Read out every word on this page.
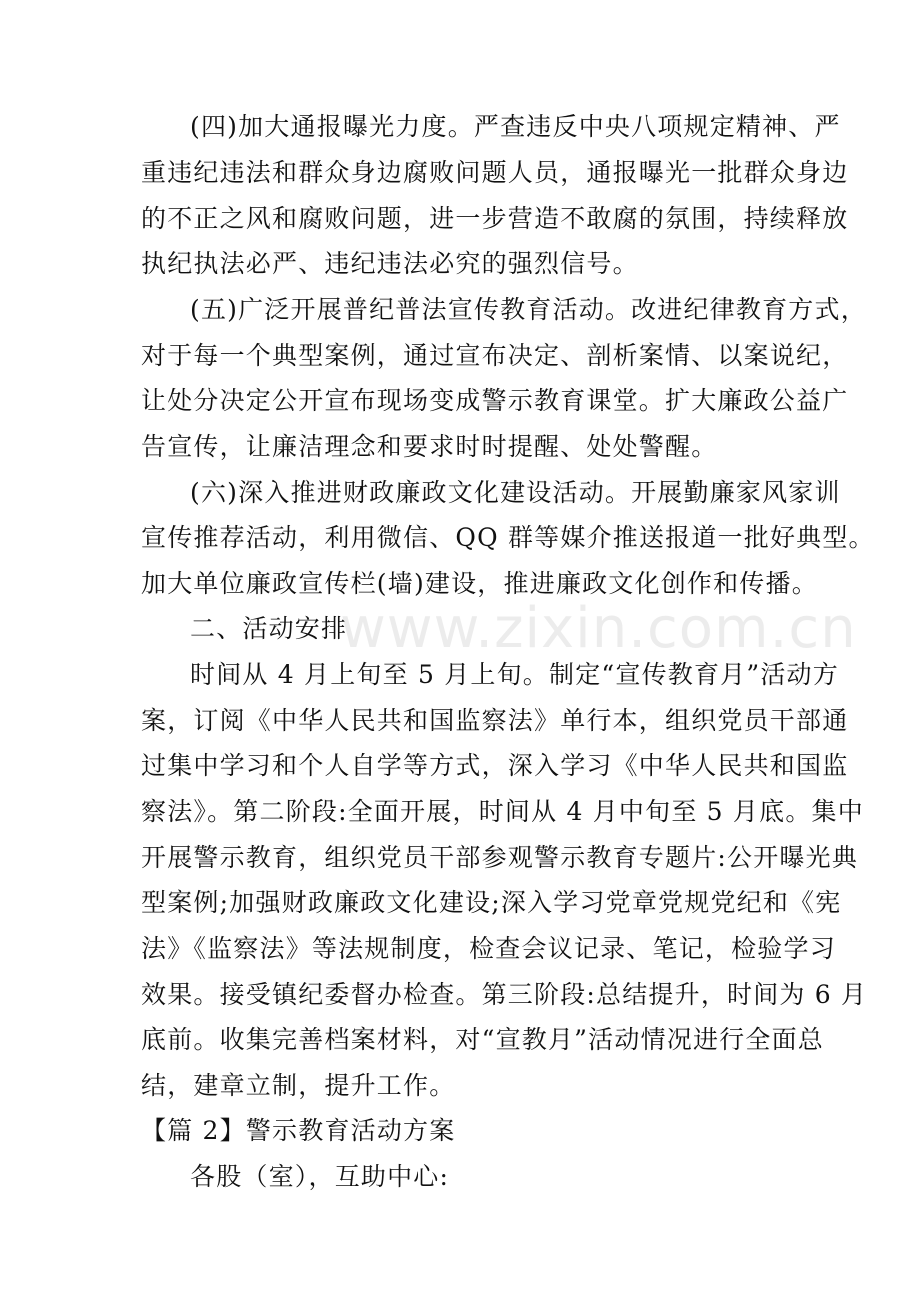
(四)加大通报曝光力度。严查违反中央八项规定精神、严
重违纪违法和群众身边腐败问题人员，通报曝光一批群众身边
的不正之风和腐败问题，进一步营造不敢腐的氛围，持续释放
执纪执法必严、违纪违法必究的强烈信号。
(五)广泛开展普纪普法宣传教育活动。改进纪律教育方式，
对于每一个典型案例，通过宣布决定、剖析案情、以案说纪，
让处分决定公开宣布现场变成警示教育课堂。扩大廉政公益广
告宣传，让廉洁理念和要求时时提醒、处处警醒。
(六)深入推进财政廉政文化建设活动。开展勤廉家风家训
宣传推荐活动，利用微信、QQ 群等媒介推送报道一批好典型。
加大单位廉政宣传栏(墙)建设，推进廉政文化创作和传播。
二、活动安排
时间从 4 月上旬至 5 月上旬。制定“宣传教育月”活动方
案，订阅《中华人民共和国监察法》单行本，组织党员干部通
过集中学习和个人自学等方式，深入学习《中华人民共和国监
察法》。第二阶段:全面开展，时间从 4 月中旬至 5 月底。集中
开展警示教育，组织党员干部参观警示教育专题片:公开曝光典
型案例;加强财政廉政文化建设;深入学习党章党规党纪和《宪
法》《监察法》等法规制度，检查会议记录、笔记，检验学习
效果。接受镇纪委督办检查。第三阶段:总结提升，时间为 6 月
底前。收集完善档案材料，对“宣教月”活动情况进行全面总
结，建章立制，提升工作。
【篇 2】警示教育活动方案
各股（室），互助中心:
www.zixin.com.cn
